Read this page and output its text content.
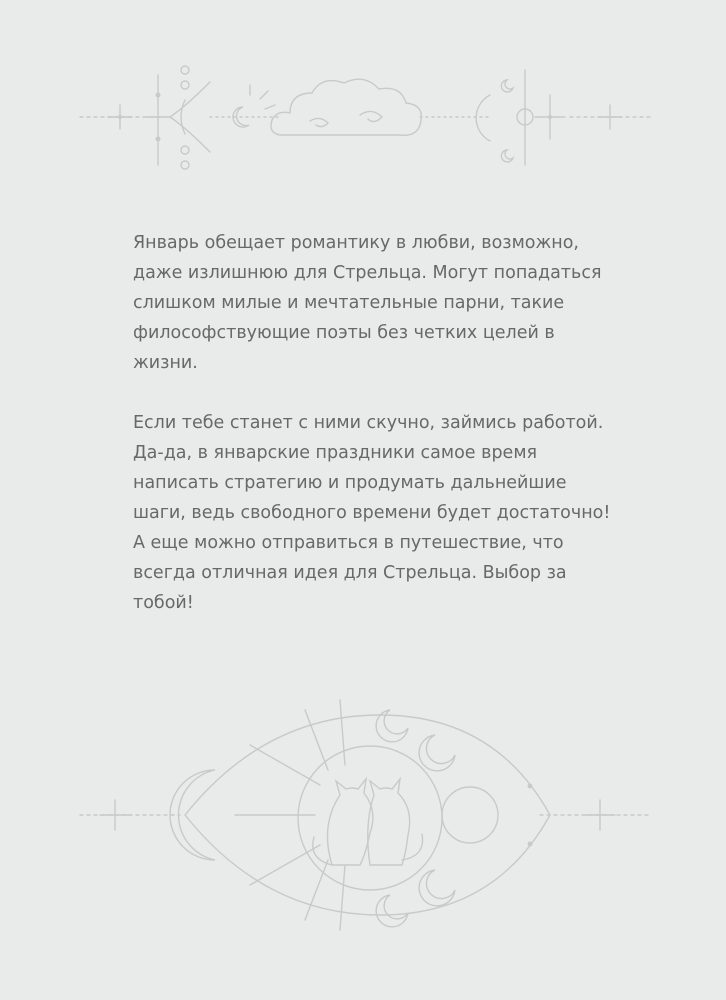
Январь обещает романтику в любви, возможно, даже излишнюю для Стрельца. Могут попадаться слишком милые и мечтательные парни, такие философствующие поэты без четких целей в жизни.

Если тебе станет с ними скучно, займись работой. Да-да, в январские праздники самое время написать стратегию и продумать дальнейшие шаги, ведь свободного времени будет достаточно! А еще можно отправиться в путешествие, что всегда отличная идея для Стрельца. Выбор за тобой!
